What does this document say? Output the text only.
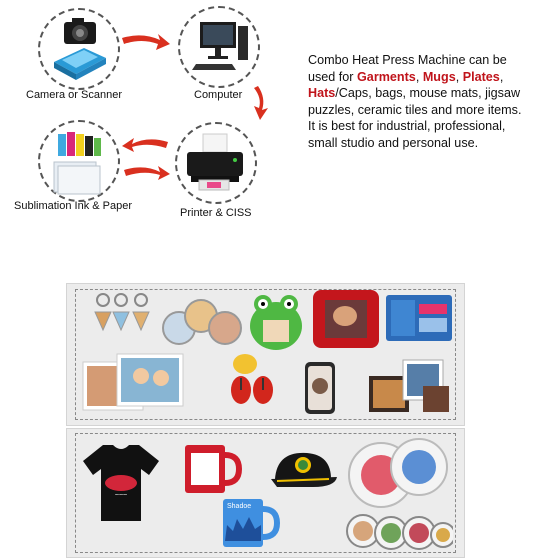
Camera or Scanner	Computer
Sublimation Ink & Paper
Printer & CISS
Combo Heat Press Machine can be used for Garments, Mugs, Plates, Hats/Caps, bags, mouse mats, jigsaw puzzles, ceramic tiles and more items.
It is best for industrial, professional, small studio and personal use.
~~~
Shadoe
